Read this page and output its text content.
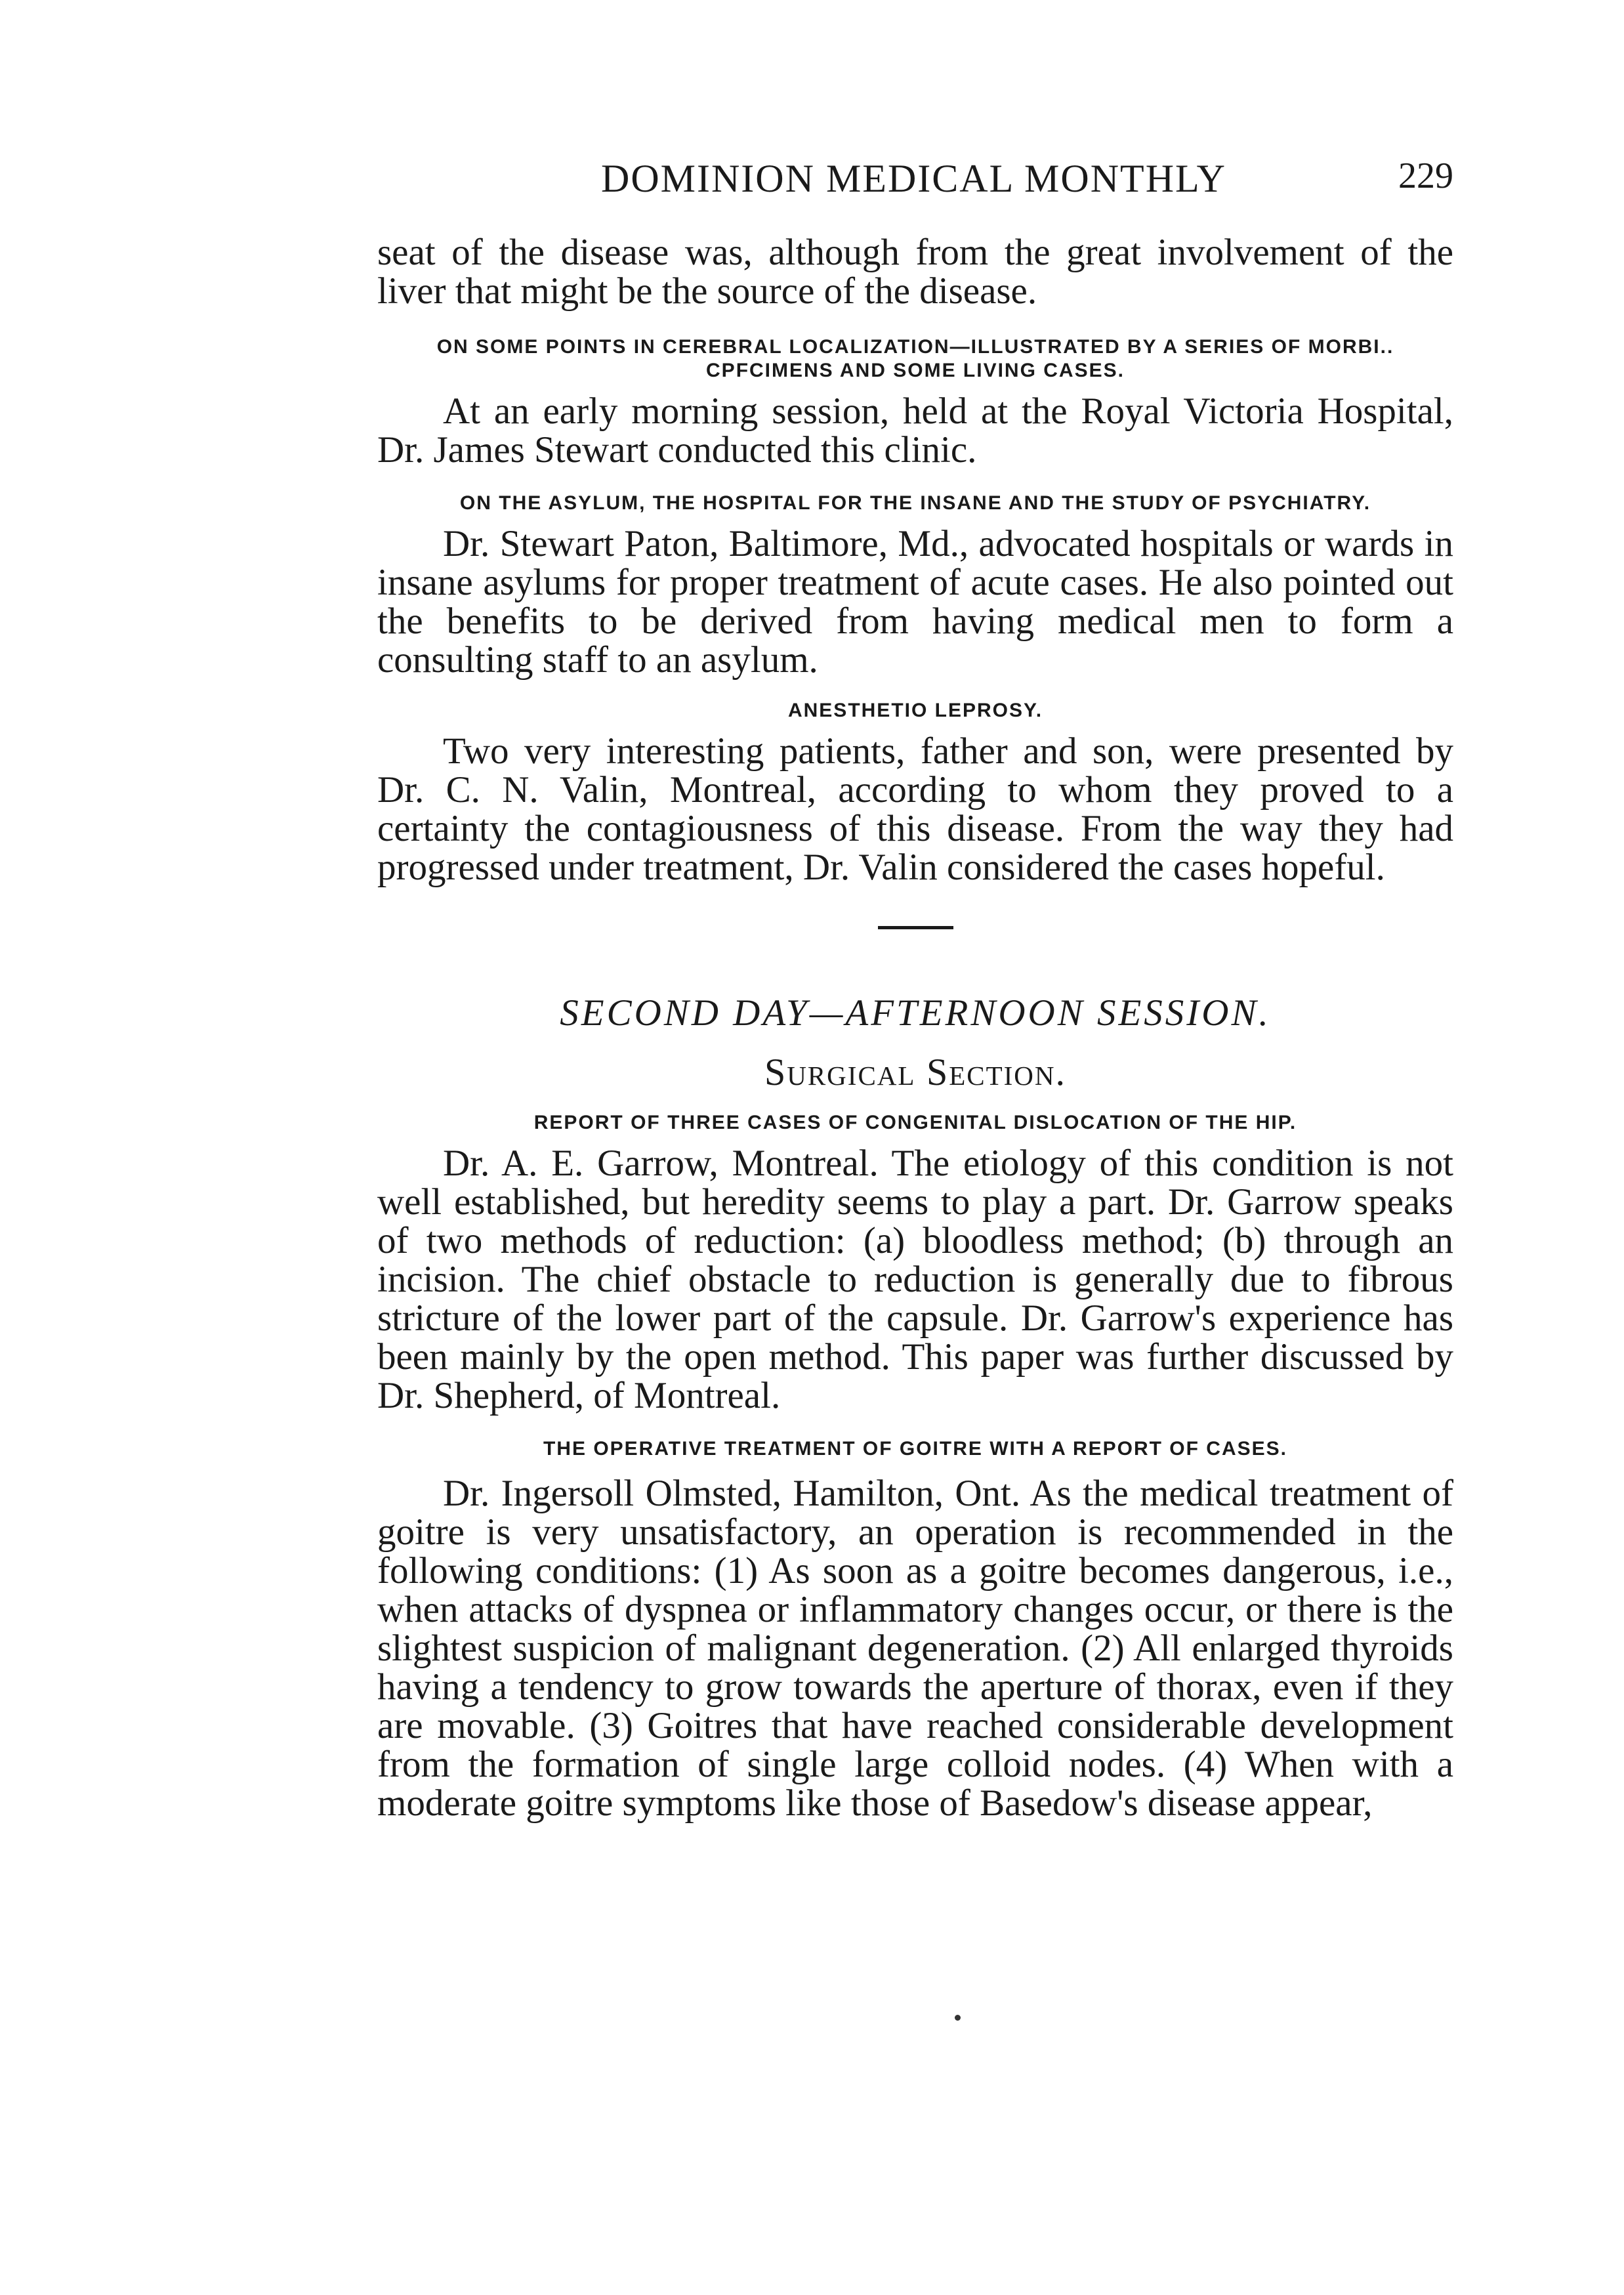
DOMINION MEDICAL MONTHLY	229

seat of the disease was, although from the great involvement of the liver that might be the source of the disease.

ON SOME POINTS IN CEREBRAL LOCALIZATION—ILLUSTRATED BY A SERIES OF MORBI.. CPFCIMENS AND SOME LIVING CASES.

At an early morning session, held at the Royal Victoria Hospital, Dr. James Stewart conducted this clinic.

ON THE ASYLUM, THE HOSPITAL FOR THE INSANE AND THE STUDY OF PSYCHIATRY.

Dr. Stewart Paton, Baltimore, Md., advocated hospitals or wards in insane asylums for proper treatment of acute cases. He also pointed out the benefits to be derived from having medical men to form a consulting staff to an asylum.

ANESTHETIO LEPROSY.

Two very interesting patients, father and son, were presented by Dr. C. N. Valin, Montreal, according to whom they proved to a certainty the contagiousness of this disease. From the way they had progressed under treatment, Dr. Valin considered the cases hopeful.

SECOND DAY—AFTERNOON SESSION.

Surgical Section.

REPORT OF THREE CASES OF CONGENITAL DISLOCATION OF THE HIP.

Dr. A. E. Garrow, Montreal. The etiology of this condition is not well established, but heredity seems to play a part. Dr. Garrow speaks of two methods of reduction: (a) bloodless method; (b) through an incision. The chief obstacle to reduction is generally due to fibrous stricture of the lower part of the capsule. Dr. Garrow's experience has been mainly by the open method. This paper was further discussed by Dr. Shepherd, of Montreal.

THE OPERATIVE TREATMENT OF GOITRE WITH A REPORT OF CASES.

Dr. Ingersoll Olmsted, Hamilton, Ont. As the medical treatment of goitre is very unsatisfactory, an operation is recommended in the following conditions: (1) As soon as a goitre becomes dangerous, i.e., when attacks of dyspnea or inflammatory changes occur, or there is the slightest suspicion of malignant degeneration. (2) All enlarged thyroids having a tendency to grow towards the aperture of thorax, even if they are movable. (3) Goitres that have reached considerable development from the formation of single large colloid nodes. (4) When with a moderate goitre symptoms like those of Basedow's disease appear,
